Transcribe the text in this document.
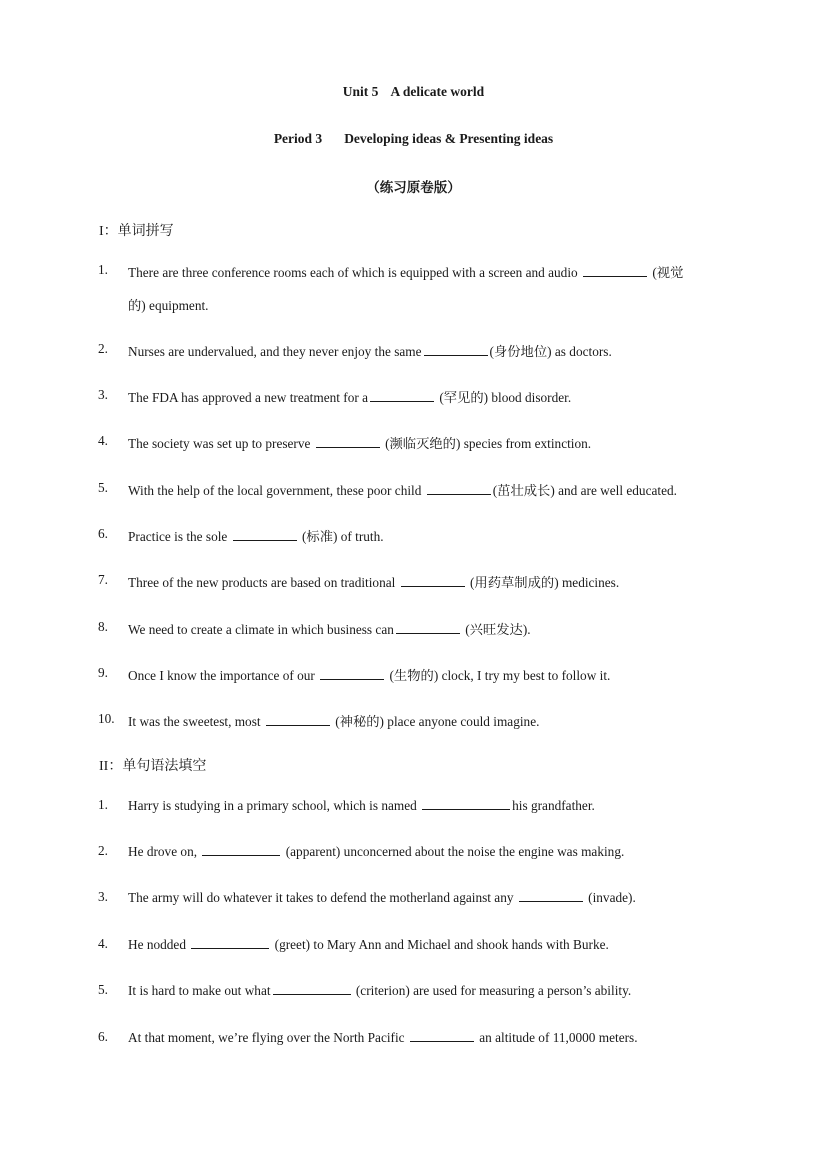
Unit 5 A delicate world
Period 3 Developing ideas & Presenting ideas
（练习原卷版）
I：单词拼写
1. There are three conference rooms each of which is equipped with a screen and audio	(视觉
的) equipment.
2. Nurses are undervalued, and they never enjoy the same	(身份地位) as doctors.
3. The FDA has approved a new treatment for a	(罕见的) blood disorder.
4. The society was set up to preserve	(濒临灭绝的) species from extinction.
5. With the help of the local government, these poor child	(茁壮成长) and are well educated.
6. Practice is the sole	(标准) of truth.
7. Three of the new products are based on traditional	(用药草制成的) medicines.
8. We need to create a climate in which business can	(兴旺发达).
9. Once I know the importance of our	(生物的) clock, I try my best to follow it.
10. It was the sweetest, most	(神秘的) place anyone could imagine.
II：单句语法填空
1. Harry is studying in a primary school, which is named	his grandfather.
2. He drove on,	(apparent) unconcerned about the noise the engine was making.
3. The army will do whatever it takes to defend the motherland against any	(invade).
4. He nodded	(greet) to Mary Ann and Michael and shook hands with Burke.
5. It is hard to make out what	(criterion) are used for measuring a person’s ability.
6. At that moment, we’re flying over the North Pacific	an altitude of 11,0000 meters.
